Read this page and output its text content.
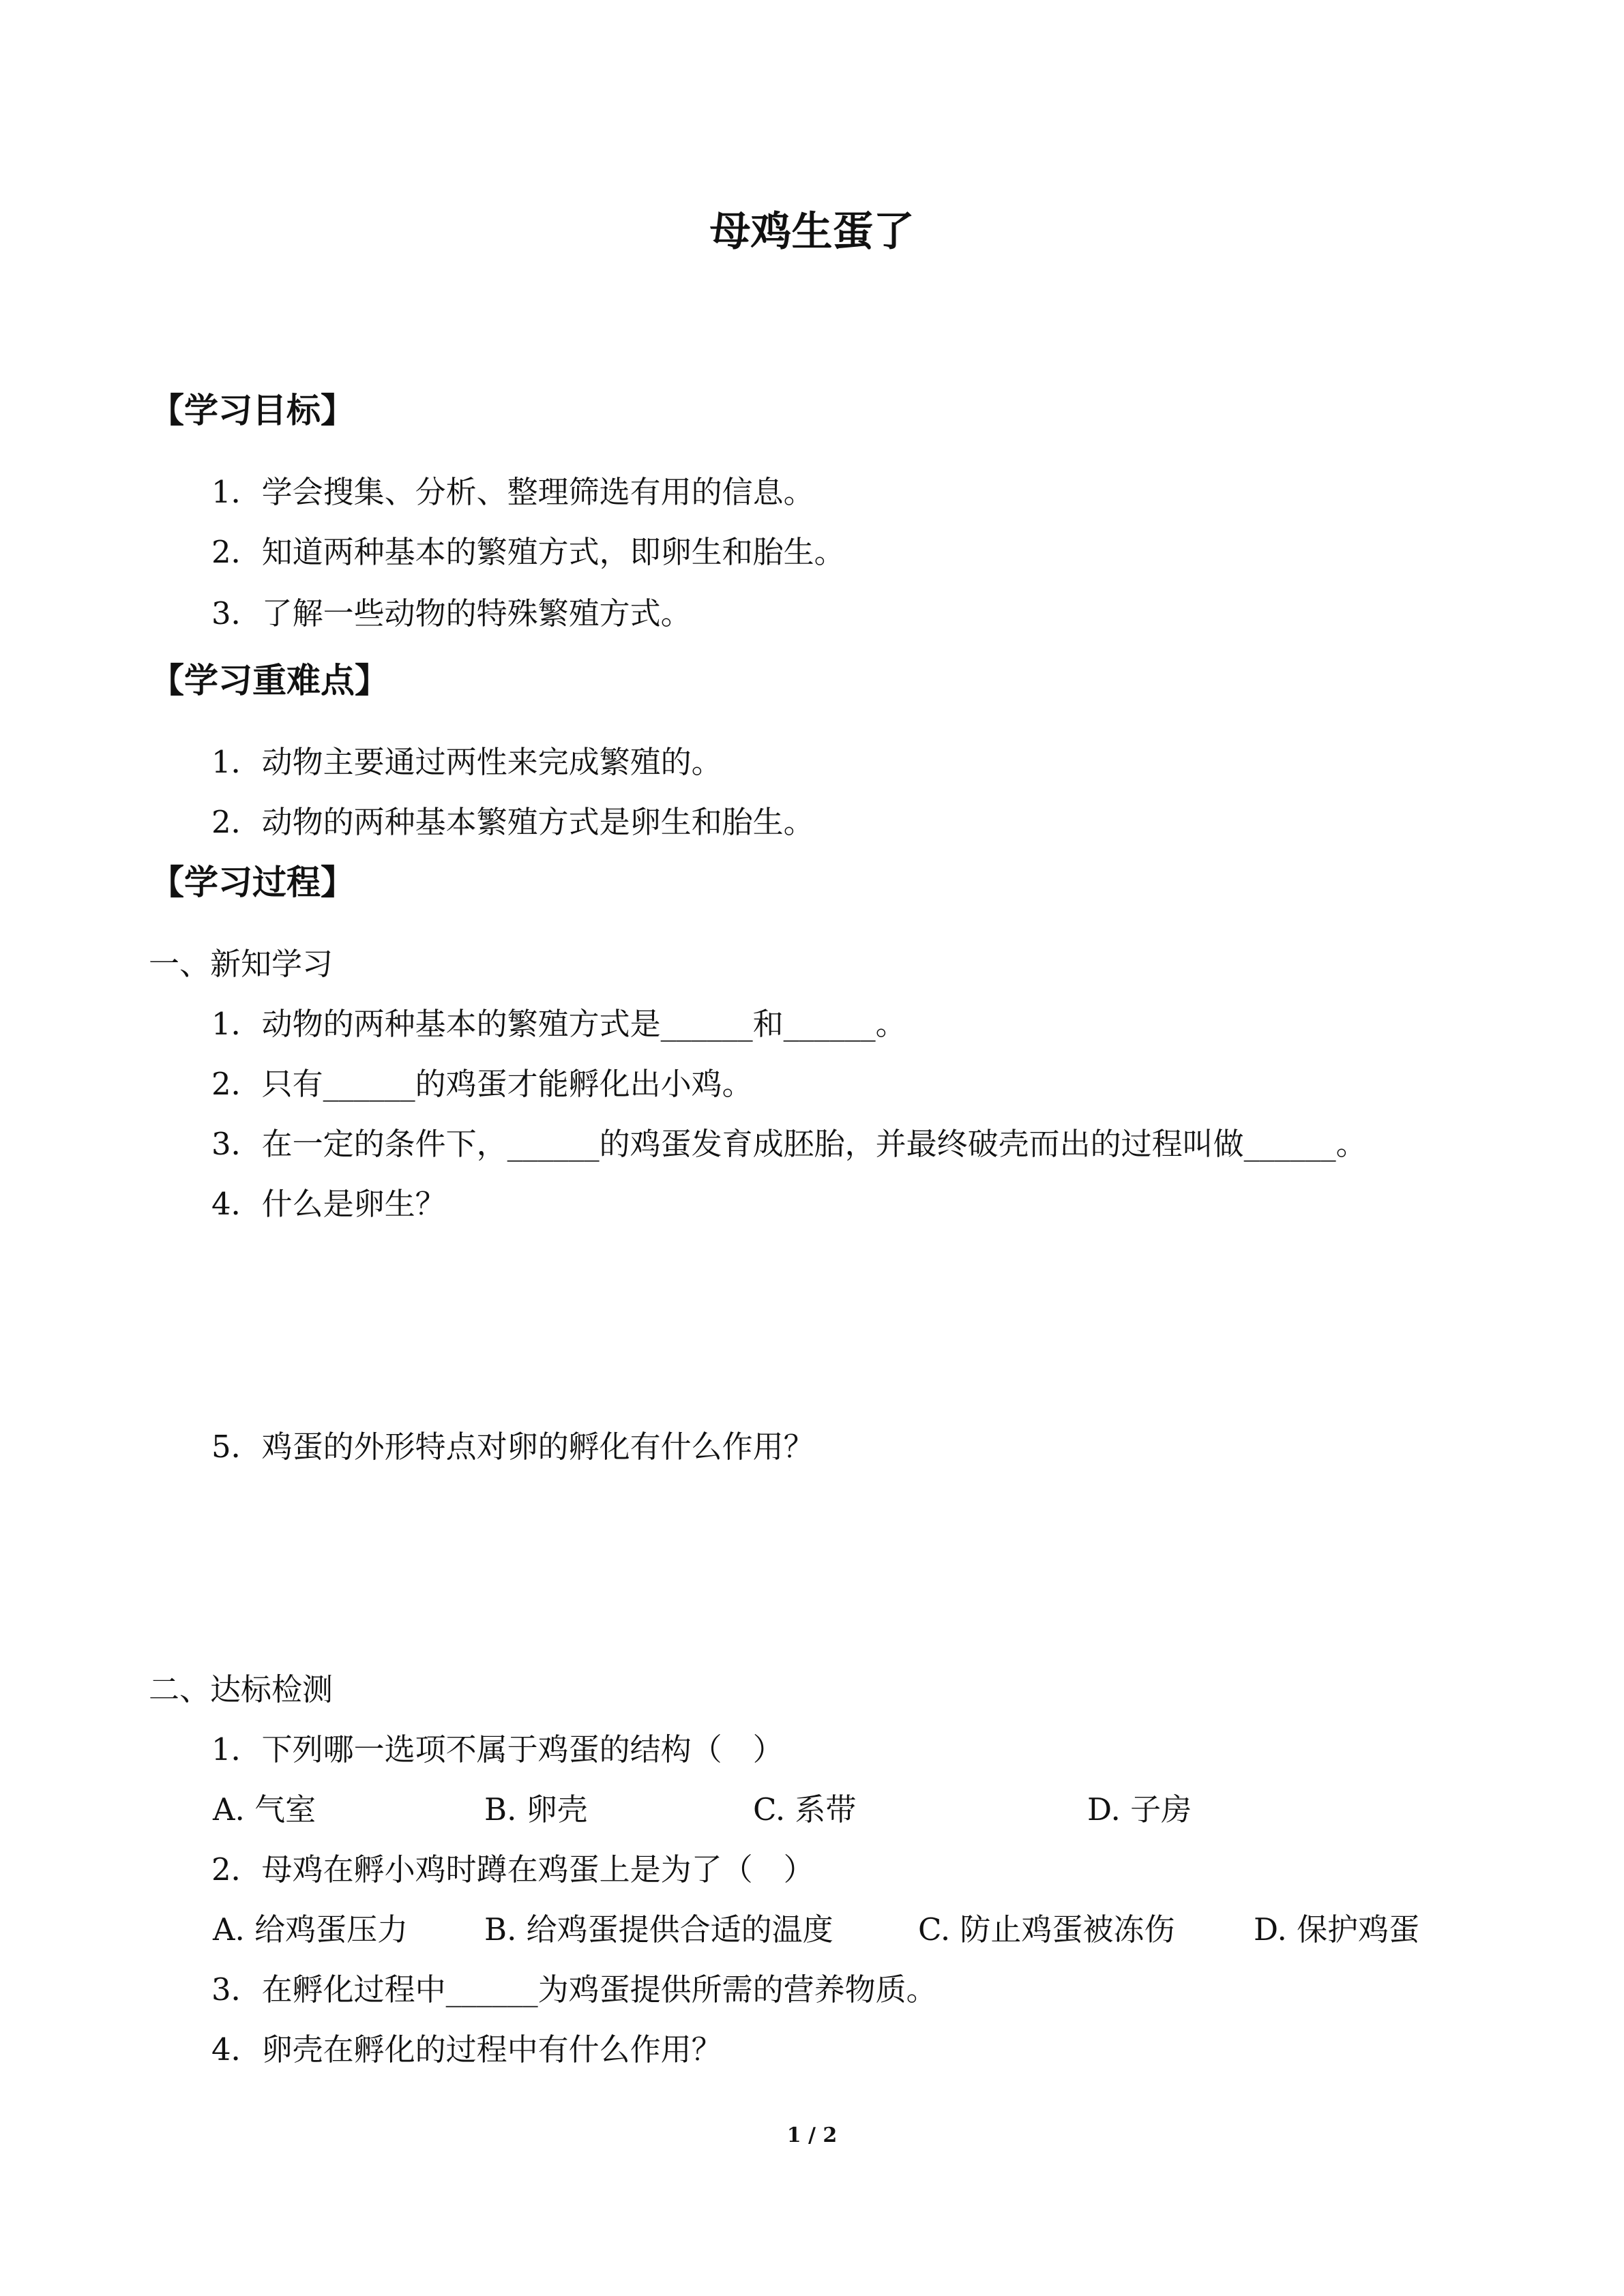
母鸡生蛋了
【学习目标】
1．学会搜集、分析、整理筛选有用的信息。
2．知道两种基本的繁殖方式，即卵生和胎生。
3．了解一些动物的特殊繁殖方式。
【学习重难点】
1．动物主要通过两性来完成繁殖的。
2．动物的两种基本繁殖方式是卵生和胎生。
【学习过程】
一、新知学习
1．动物的两种基本的繁殖方式是______和______。
2．只有______的鸡蛋才能孵化出小鸡。
3．在一定的条件下，______的鸡蛋发育成胚胎，并最终破壳而出的过程叫做______。
4．什么是卵生？
5．鸡蛋的外形特点对卵的孵化有什么作用？
二、达标检测
1．下列哪一选项不属于鸡蛋的结构（　）
A. 气室	B. 卵壳	C. 系带	D. 子房
2．母鸡在孵小鸡时蹲在鸡蛋上是为了（　）
A. 给鸡蛋压力 B. 给鸡蛋提供合适的温度	C. 防止鸡蛋被冻伤	D. 保护鸡蛋
3．在孵化过程中______为鸡蛋提供所需的营养物质。
4．卵壳在孵化的过程中有什么作用？
1 / 2
